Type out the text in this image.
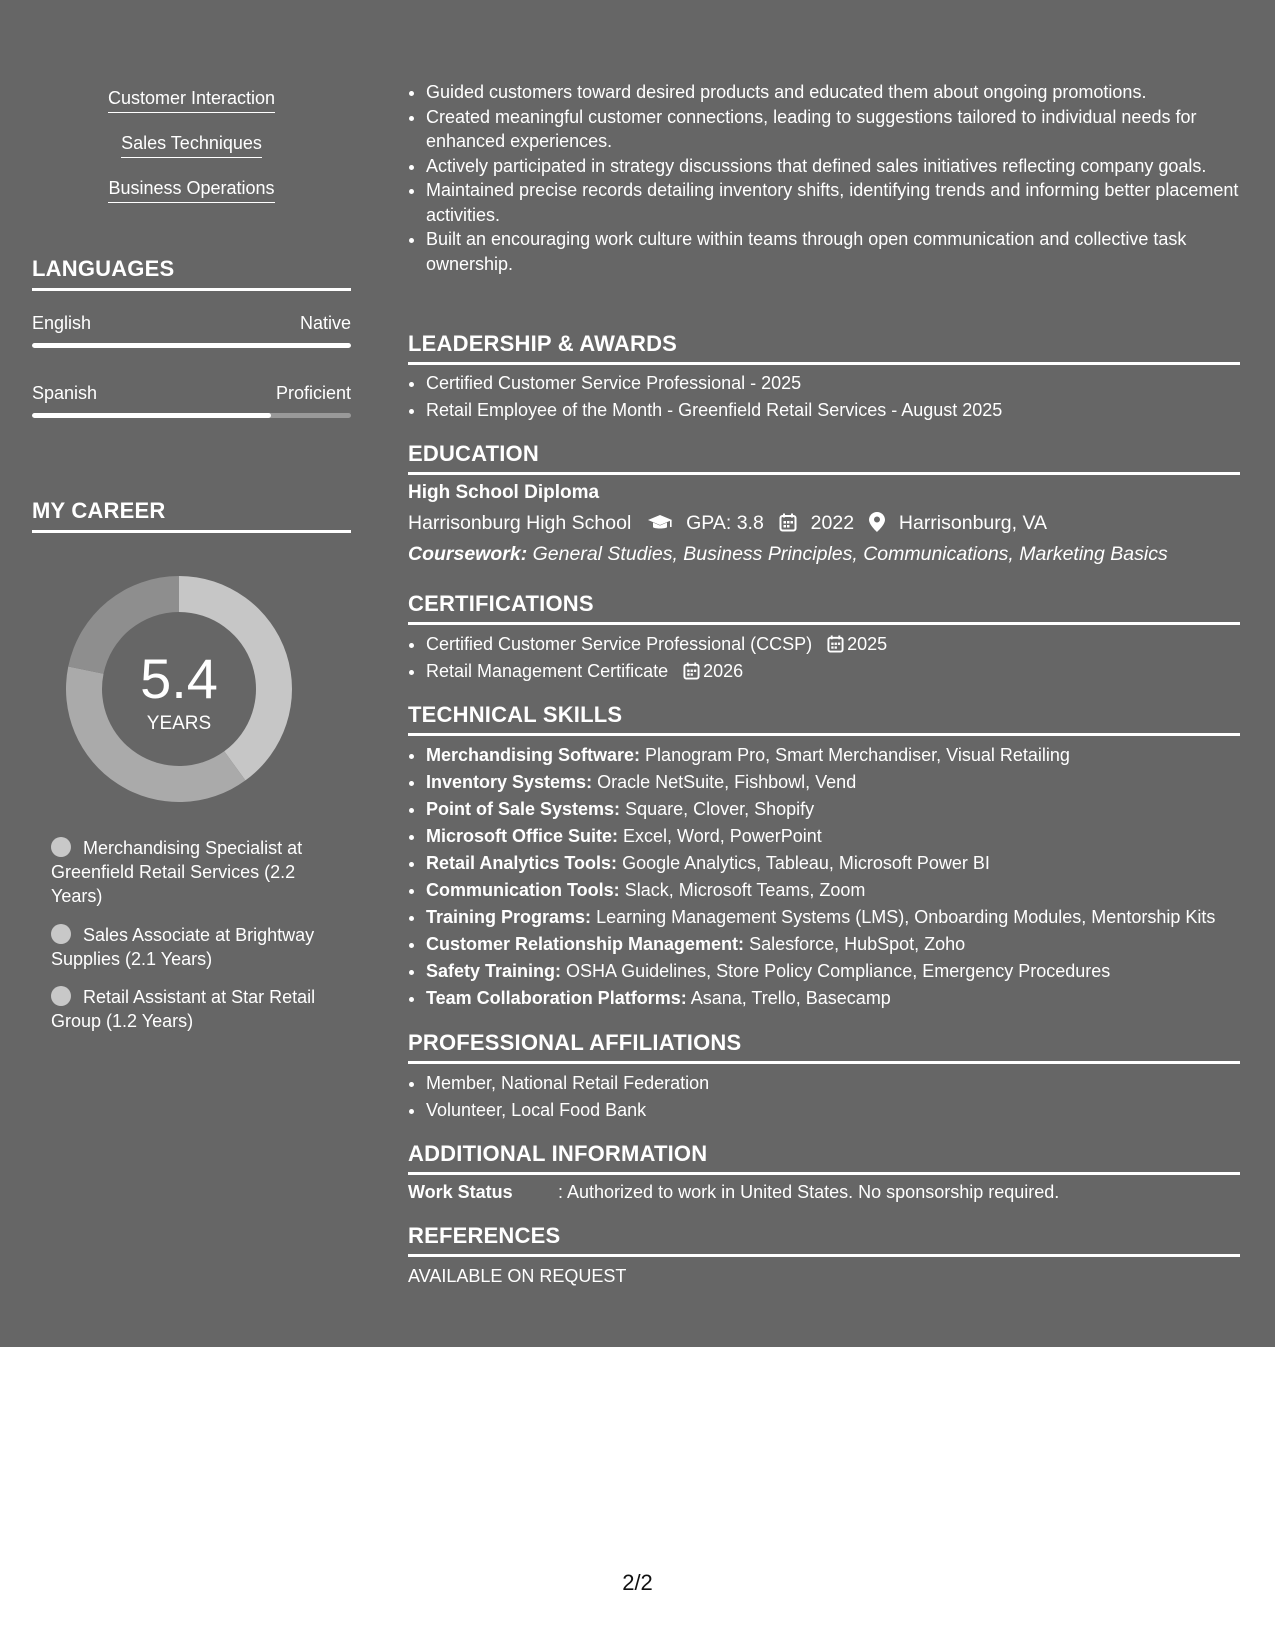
Customer Interaction
Sales Techniques
Business Operations
LANGUAGES
English	Native
Spanish	Proficient
MY CAREER
5.4
YEARS
Merchandising Specialist at Greenfield Retail Services (2.2 Years)
Sales Associate at Brightway Supplies (2.1 Years)
Retail Assistant at Star Retail Group (1.2 Years)
• Guided customers toward desired products and educated them about ongoing promotions.
• Created meaningful customer connections, leading to suggestions tailored to individual needs for enhanced experiences.
• Actively participated in strategy discussions that defined sales initiatives reflecting company goals.
• Maintained precise records detailing inventory shifts, identifying trends and informing better placement activities.
• Built an encouraging work culture within teams through open communication and collective task ownership.
LEADERSHIP & AWARDS
• Certified Customer Service Professional - 2025
• Retail Employee of the Month - Greenfield Retail Services - August 2025
EDUCATION
High School Diploma
Harrisonburg High School	GPA: 3.8 2022 Harrisonburg, VA
Coursework: General Studies, Business Principles, Communications, Marketing Basics
CERTIFICATIONS
• Certified Customer Service Professional (CCSP) 2025
• Retail Management Certificate 2026
TECHNICAL SKILLS
• Merchandising Software: Planogram Pro, Smart Merchandiser, Visual Retailing
• Inventory Systems: Oracle NetSuite, Fishbowl, Vend
• Point of Sale Systems: Square, Clover, Shopify
• Microsoft Office Suite: Excel, Word, PowerPoint
• Retail Analytics Tools: Google Analytics, Tableau, Microsoft Power BI
• Communication Tools: Slack, Microsoft Teams, Zoom
• Training Programs: Learning Management Systems (LMS), Onboarding Modules, Mentorship Kits
• Customer Relationship Management: Salesforce, HubSpot, Zoho
• Safety Training: OSHA Guidelines, Store Policy Compliance, Emergency Procedures
• Team Collaboration Platforms: Asana, Trello, Basecamp
PROFESSIONAL AFFILIATIONS
• Member, National Retail Federation
• Volunteer, Local Food Bank
ADDITIONAL INFORMATION
Work Status	: Authorized to work in United States. No sponsorship required.
REFERENCES
AVAILABLE ON REQUEST
2/2
